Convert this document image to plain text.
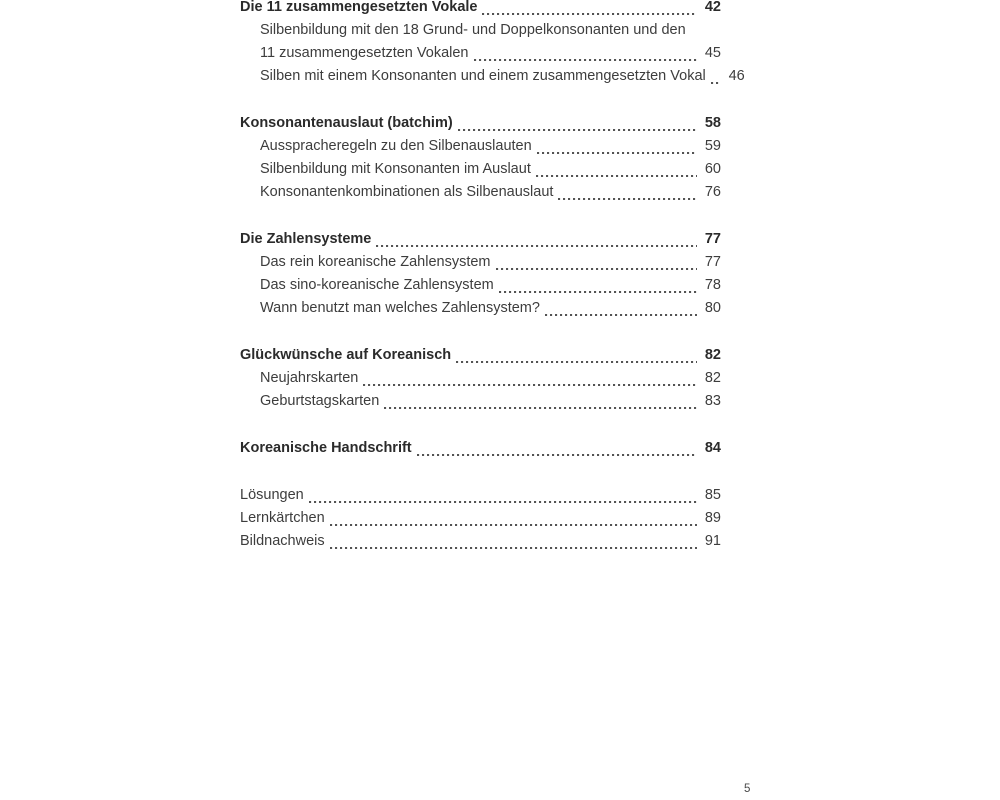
Die 11 zusammengesetzten Vokale	42
Silbenbildung mit den 18 Grund- und Doppelkonsonanten und den
11 zusammengesetzten Vokalen	45
Silben mit einem Konsonanten und einem zusammengesetzten Vokal	46
Konsonantenauslaut (batchim)	58
Ausspracheregeln zu den Silbenauslauten	59
Silbenbildung mit Konsonanten im Auslaut	60
Konsonantenkombinationen als Silbenauslaut	76
Die Zahlensysteme	77
Das rein koreanische Zahlensystem	77
Das sino-koreanische Zahlensystem	78
Wann benutzt man welches Zahlensystem?	80
Glückwünsche auf Koreanisch	82
Neujahrskarten	82
Geburtstagskarten	83
Koreanische Handschrift	84
Lösungen	85
Lernkärtchen	89
Bildnachweis	91
5
